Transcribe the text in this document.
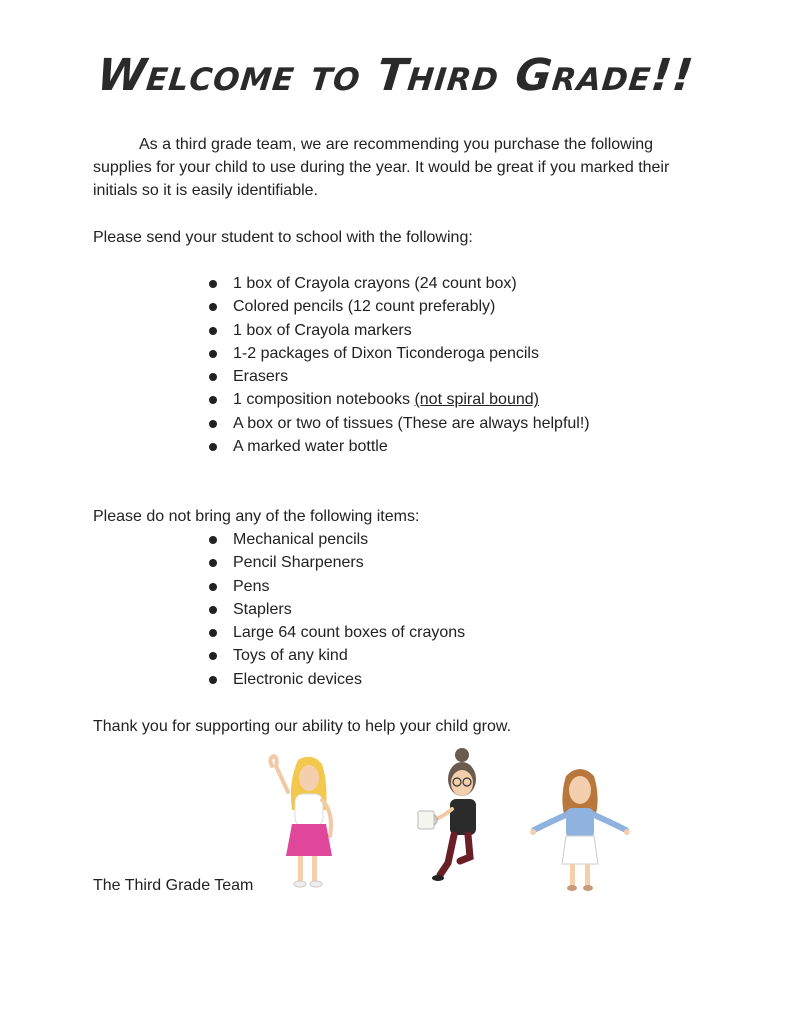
Welcome to Third Grade!!

As a third grade team, we are recommending you purchase the following supplies for your child to use during the year. It would be great if you marked their initials so it is easily identifiable.

Please send your student to school with the following:

1 box of Crayola crayons (24 count box)
Colored pencils (12 count preferably)
1 box of Crayola markers
1-2 packages of Dixon Ticonderoga pencils
Erasers
1 composition notebooks (not spiral bound)
A box or two of tissues (These are always helpful!)
A marked water bottle

Please do not bring any of the following items:

Mechanical pencils
Pencil Sharpeners
Pens
Staplers
Large 64 count boxes of crayons
Toys of any kind
Electronic devices

Thank you for supporting our ability to help your child grow.

The Third Grade Team
